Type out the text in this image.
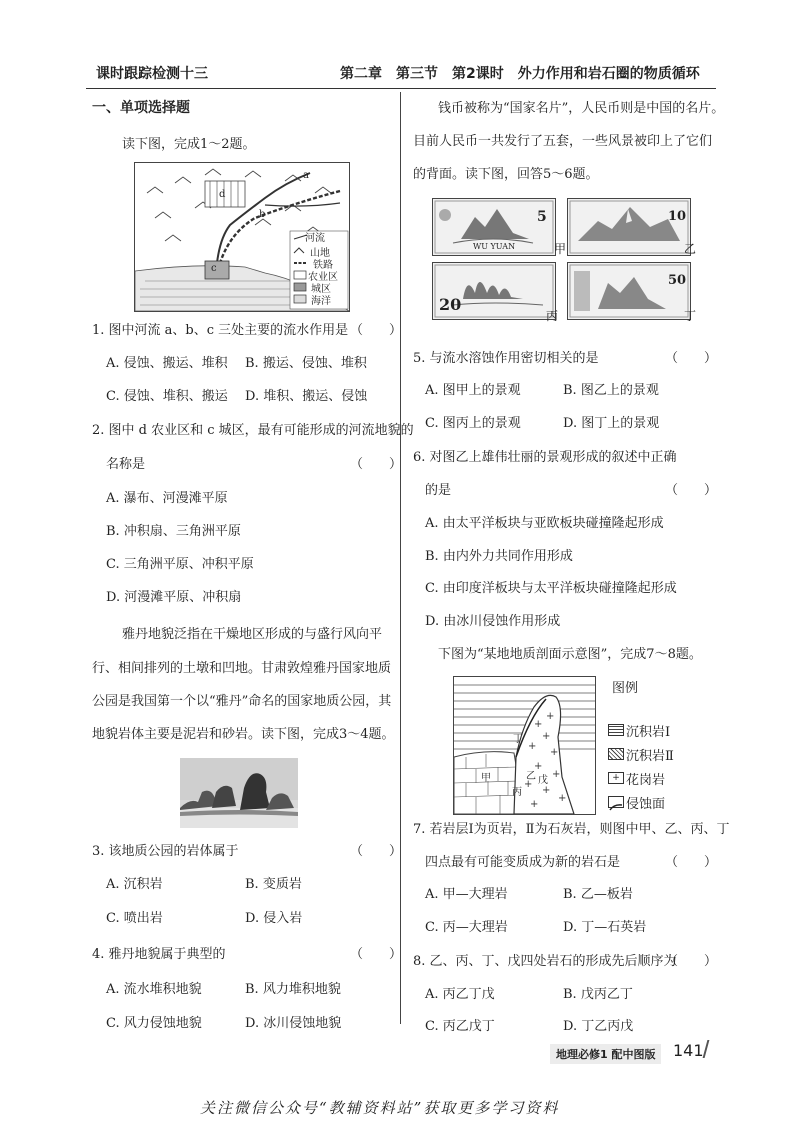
课时跟踪检测十三	第二章　第三节　第2课时　外力作用和岩石圈的物质循环
一、单项选择题
读下图，完成1～2题。
河流
山地
铁路
农业区
城区
海洋
a
b
c
d
1. 图中河流 a、b、c 三处主要的流水作用是 （　　）
A. 侵蚀、搬运、堆积 B. 搬运、侵蚀、堆积
C. 侵蚀、堆积、搬运 D. 堆积、搬运、侵蚀
2. 图中 d 农业区和 c 城区，最有可能形成的河流地貌的
名称是	（　　）
A. 瀑布、河漫滩平原
B. 冲积扇、三角洲平原
C. 三角洲平原、冲积平原
D. 河漫滩平原、冲积扇
雅丹地貌泛指在干燥地区形成的与盛行风向平
行、相间排列的土墩和凹地。甘肃敦煌雅丹国家地质
公园是我国第一个以“雅丹”命名的国家地质公园，其
地貌岩体主要是泥岩和砂岩。读下图，完成3～4题。
3. 该地质公园的岩体属于	（　　）
A. 沉积岩	B. 变质岩
C. 喷出岩	D. 侵入岩
4. 雅丹地貌属于典型的	（　　）
A. 流水堆积地貌	B. 风力堆积地貌
C. 风力侵蚀地貌	D. 冰川侵蚀地貌
钱币被称为“国家名片”，人民币则是中国的名片。
目前人民币一共发行了五套，一些风景被印上了它们
的背面。读下图，回答5～6题。
5
WU YUAN	甲
10
乙
20
丙
50
丁
5. 与流水溶蚀作用密切相关的是	（　　）
A. 图甲上的景观	B. 图乙上的景观
C. 图丙上的景观	D. 图丁上的景观
6. 对图乙上雄伟壮丽的景观形成的叙述中正确
的是	（　　）
A. 由太平洋板块与亚欧板块碰撞隆起形成
B. 由内外力共同作用形成
C. 由印度洋板块与太平洋板块碰撞隆起形成
D. 由冰川侵蚀作用形成
下图为“某地地质剖面示意图”，完成7～8题。
+
+
+
+
+
+
+
+
+
+
+
丁
甲	乙
丙
戊
图例
沉积岩Ⅰ
沉积岩Ⅱ
+ 花岗岩
侵蚀面
7. 若岩层Ⅰ为页岩，Ⅱ为石灰岩，则图中甲、乙、丙、丁
四点最有可能变质成为新的岩石是	（　　）
A. 甲—大理岩	B. 乙—板岩
C. 丙—大理岩	D. 丁—石英岩
8. 乙、丙、丁、戊四处岩石的形成先后顺序为
（　　）
A. 丙乙丁戊	B. 戊丙乙丁
C. 丙乙戊丁	D. 丁乙丙戊
地理必修1 配中图版	141
关注微信公众号“教辅资料站”获取更多学习资料
